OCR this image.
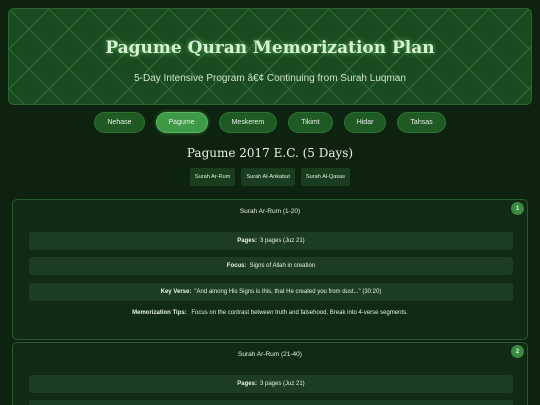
Pagume Quran Memorization Plan
5-Day Intensive Program â€¢ Continuing from Surah Luqman
Nehase	Pagume	Meskerem	Tikimt	Hidar	Tahsas
Pagume 2017 E.C. (5 Days)
Surah Ar-Rum	Surah Al-Ankabut	Surah Al-Qasas
Surah Ar-Rum (1-20)	1
Pages: 3 pages (Juz 21)
Focus: Signs of Allah in creation
Key Verse: "And among His Signs is this, that He created you from dust..." (30:20)
Memorization Tips: Focus on the contrast between truth and falsehood. Break into 4-verse segments.
Surah Ar-Rum (21-40)	2
Pages: 3 pages (Juz 21)
